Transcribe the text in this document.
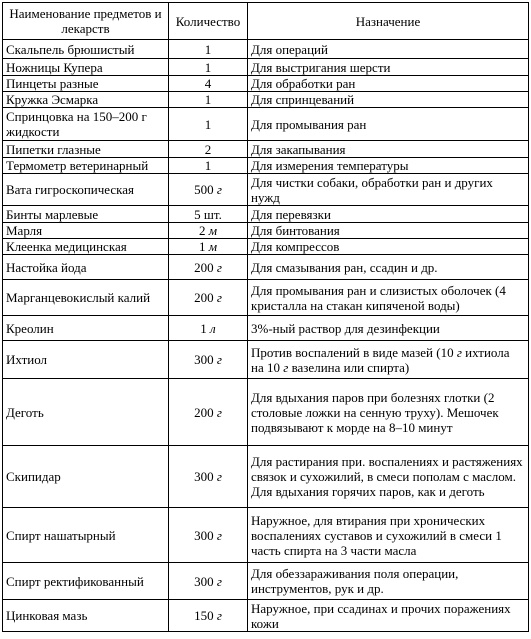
Наименование предметов и лекарств	Количество	Назначение
Скальпель брюшистый	1	Для операций
Ножницы Купера	1	Для выстригания шерсти
Пинцеты разные	4	Для обработки ран
Кружка Эсмарка	1	Для спринцеваний
Спринцовка на 150–200 г жидкости	1	Для промывания ран
Пипетки глазные	2	Для закапывания
Термометр ветеринарный	1	Для измерения температуры
Вата гигроскопическая	500 г	Для чистки собаки, обработки ран и других нужд
Бинты марлевые	5 шт.	Для перевязки
Марля	2 м	Для бинтования
Клеенка медицинская	1 м	Для компрессов
Настойка йода	200 г	Для смазывания ран, ссадин и др.
Марганцевокислый калий	200 г	Для промывания ран и слизистых оболочек (4 кристалла на стакан кипяченой воды)
Креолин	1 л	3%-ный раствор для дезинфекции
Ихтиол	300 г	Против воспалений в виде мазей (10 г ихтиола на 10 г вазелина или спирта)
Деготь	200 г	Для вдыхания паров при болезнях глотки (2 столовые ложки на сенную труху). Мешочек подвязывают к морде на 8–10 минут
Скипидар	300 г	Для растирания при. воспалениях и растяжениях связок и сухожилий, в смеси пополам с маслом. Для вдыхания горячих паров, как и деготь
Спирт нашатырный	300 г	Наружное, для втирания при хронических воспалениях суставов и сухожилий в смеси 1 часть спирта на 3 части масла
Спирт ректификованный	300 г	Для обеззараживания поля операции, инструментов, рук и др.
Цинковая мазь	150 г	Наружное, при ссадинах и прочих поражениях кожи
